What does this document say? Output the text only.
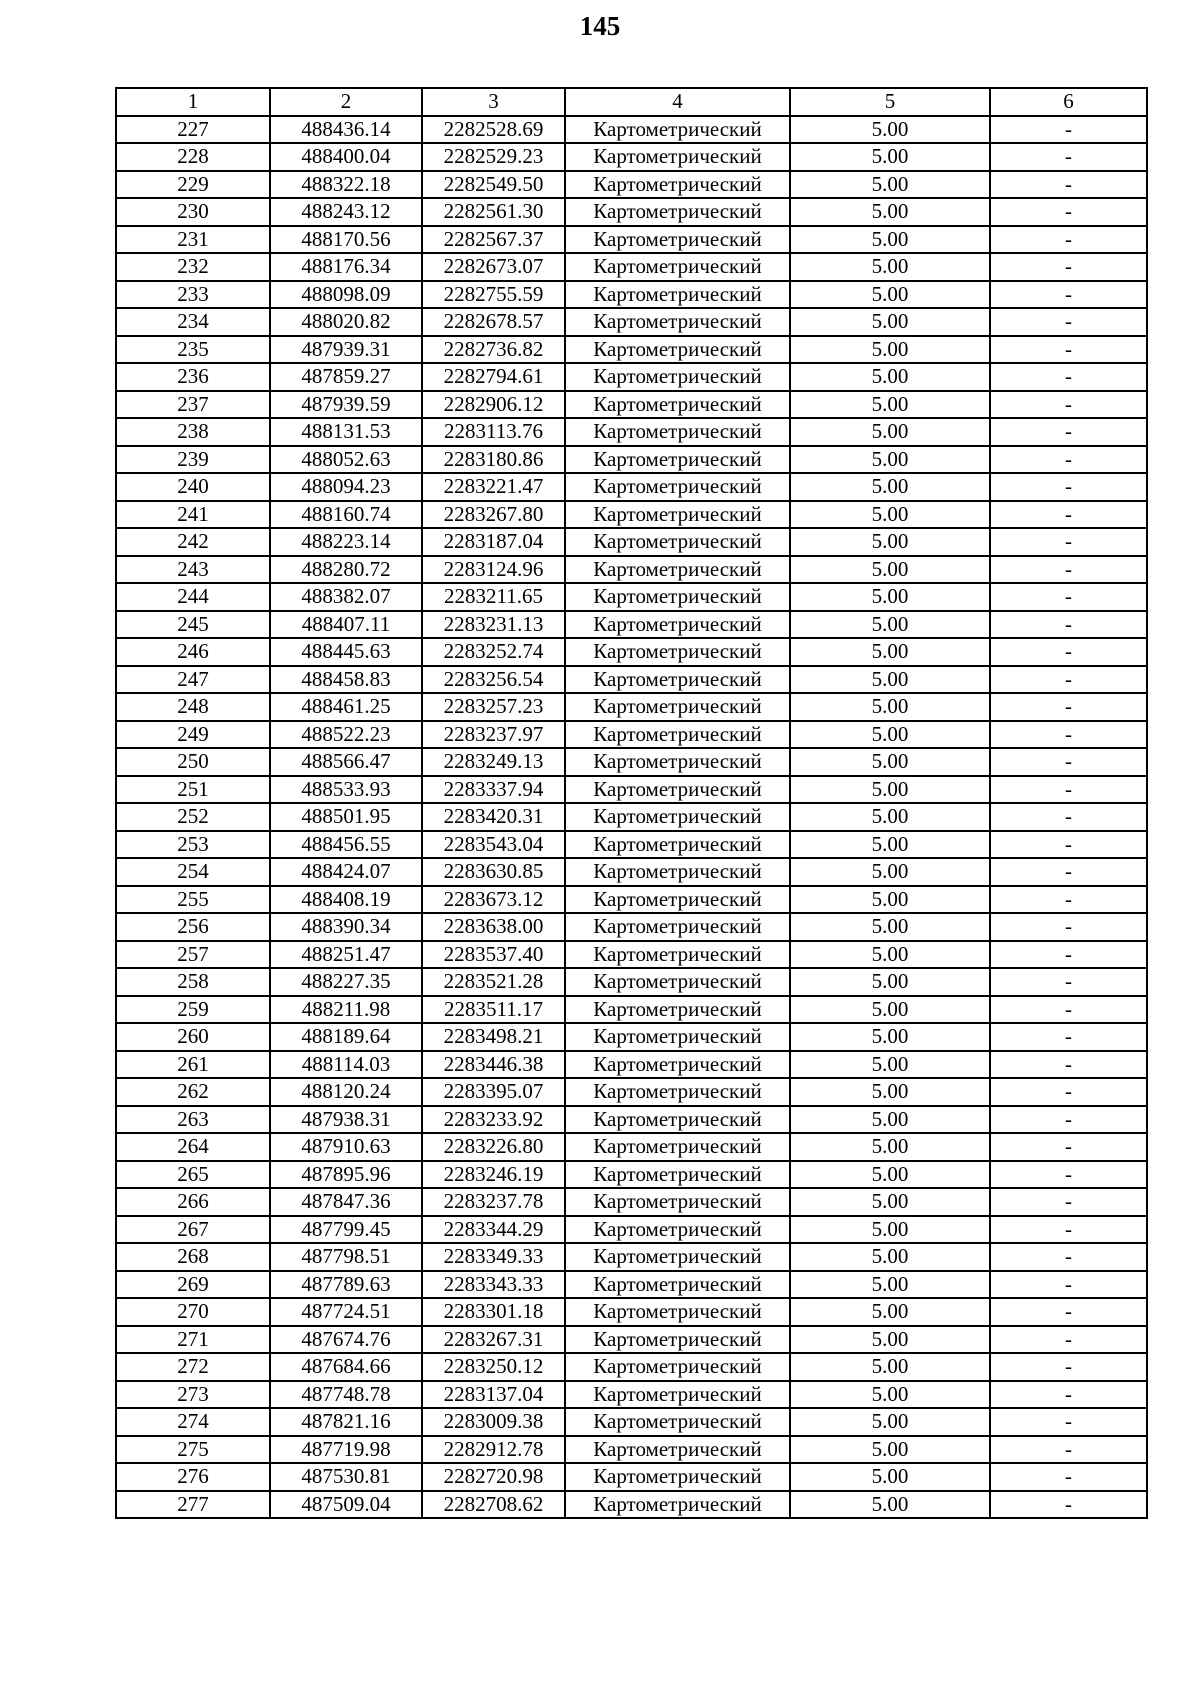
145
1	2	3	4	5	6
227	488436.14	2282528.69	Картометрический	5.00	-
228	488400.04	2282529.23	Картометрический	5.00	-
229	488322.18	2282549.50	Картометрический	5.00	-
230	488243.12	2282561.30	Картометрический	5.00	-
231	488170.56	2282567.37	Картометрический	5.00	-
232	488176.34	2282673.07	Картометрический	5.00	-
233	488098.09	2282755.59	Картометрический	5.00	-
234	488020.82	2282678.57	Картометрический	5.00	-
235	487939.31	2282736.82	Картометрический	5.00	-
236	487859.27	2282794.61	Картометрический	5.00	-
237	487939.59	2282906.12	Картометрический	5.00	-
238	488131.53	2283113.76	Картометрический	5.00	-
239	488052.63	2283180.86	Картометрический	5.00	-
240	488094.23	2283221.47	Картометрический	5.00	-
241	488160.74	2283267.80	Картометрический	5.00	-
242	488223.14	2283187.04	Картометрический	5.00	-
243	488280.72	2283124.96	Картометрический	5.00	-
244	488382.07	2283211.65	Картометрический	5.00	-
245	488407.11	2283231.13	Картометрический	5.00	-
246	488445.63	2283252.74	Картометрический	5.00	-
247	488458.83	2283256.54	Картометрический	5.00	-
248	488461.25	2283257.23	Картометрический	5.00	-
249	488522.23	2283237.97	Картометрический	5.00	-
250	488566.47	2283249.13	Картометрический	5.00	-
251	488533.93	2283337.94	Картометрический	5.00	-
252	488501.95	2283420.31	Картометрический	5.00	-
253	488456.55	2283543.04	Картометрический	5.00	-
254	488424.07	2283630.85	Картометрический	5.00	-
255	488408.19	2283673.12	Картометрический	5.00	-
256	488390.34	2283638.00	Картометрический	5.00	-
257	488251.47	2283537.40	Картометрический	5.00	-
258	488227.35	2283521.28	Картометрический	5.00	-
259	488211.98	2283511.17	Картометрический	5.00	-
260	488189.64	2283498.21	Картометрический	5.00	-
261	488114.03	2283446.38	Картометрический	5.00	-
262	488120.24	2283395.07	Картометрический	5.00	-
263	487938.31	2283233.92	Картометрический	5.00	-
264	487910.63	2283226.80	Картометрический	5.00	-
265	487895.96	2283246.19	Картометрический	5.00	-
266	487847.36	2283237.78	Картометрический	5.00	-
267	487799.45	2283344.29	Картометрический	5.00	-
268	487798.51	2283349.33	Картометрический	5.00	-
269	487789.63	2283343.33	Картометрический	5.00	-
270	487724.51	2283301.18	Картометрический	5.00	-
271	487674.76	2283267.31	Картометрический	5.00	-
272	487684.66	2283250.12	Картометрический	5.00	-
273	487748.78	2283137.04	Картометрический	5.00	-
274	487821.16	2283009.38	Картометрический	5.00	-
275	487719.98	2282912.78	Картометрический	5.00	-
276	487530.81	2282720.98	Картометрический	5.00	-
277	487509.04	2282708.62	Картометрический	5.00	-
